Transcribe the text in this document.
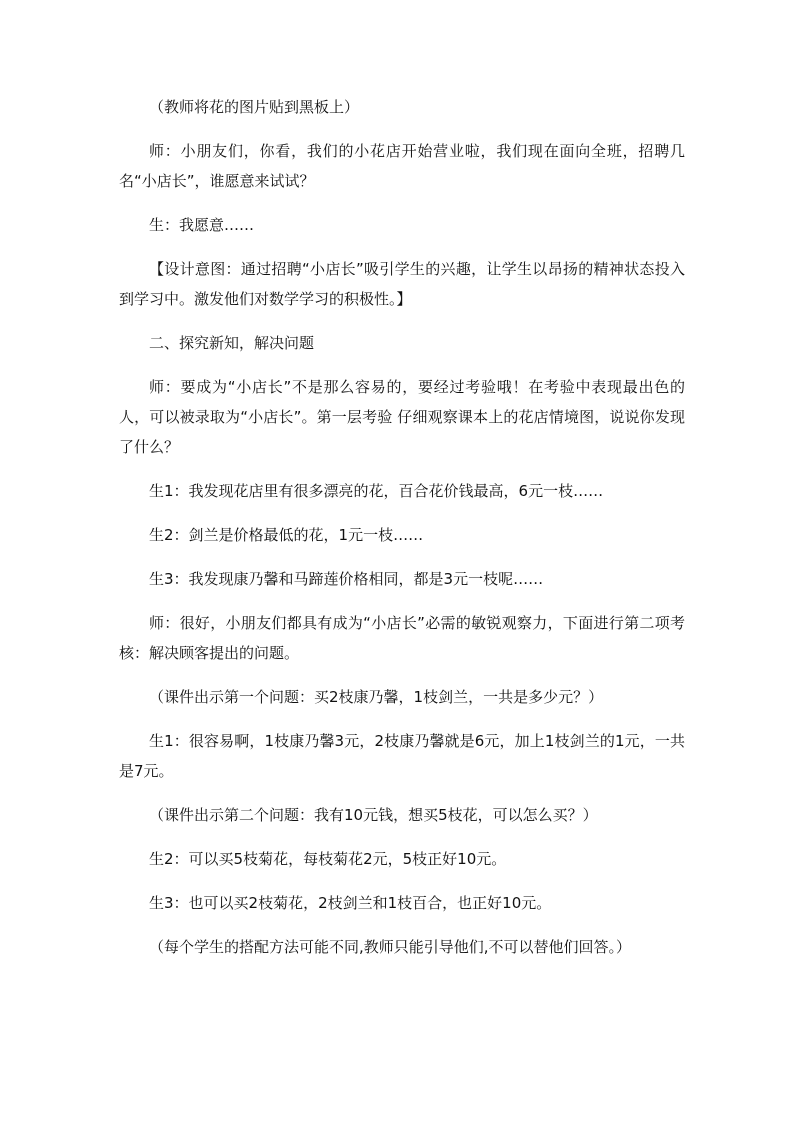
（教师将花的图片贴到黑板上）

师：小朋友们，你看，我们的小花店开始营业啦，我们现在面向全班，招聘几名“小店长”，谁愿意来试试？

生：我愿意……

【设计意图：通过招聘“小店长”吸引学生的兴趣，让学生以昂扬的精神状态投入到学习中。激发他们对数学学习的积极性。】

二、探究新知，解决问题

师：要成为“小店长”不是那么容易的，要经过考验哦！在考验中表现最出色的人，可以被录取为“小店长”。第一层考验 仔细观察课本上的花店情境图，说说你发现了什么？

生1：我发现花店里有很多漂亮的花，百合花价钱最高，6元一枝……

生2：剑兰是价格最低的花，1元一枝……

生3：我发现康乃馨和马蹄莲价格相同，都是3元一枝呢……

师：很好，小朋友们都具有成为“小店长”必需的敏锐观察力，下面进行第二项考核：解决顾客提出的问题。

（课件出示第一个问题：买2枝康乃馨，1枝剑兰，一共是多少元？）

生1：很容易啊，1枝康乃馨3元，2枝康乃馨就是6元，加上1枝剑兰的1元，一共是7元。

（课件出示第二个问题：我有10元钱，想买5枝花，可以怎么买？）

生2：可以买5枝菊花，每枝菊花2元，5枝正好10元。

生3：也可以买2枝菊花，2枝剑兰和1枝百合，也正好10元。

（每个学生的搭配方法可能不同,教师只能引导他们,不可以替他们回答。）
